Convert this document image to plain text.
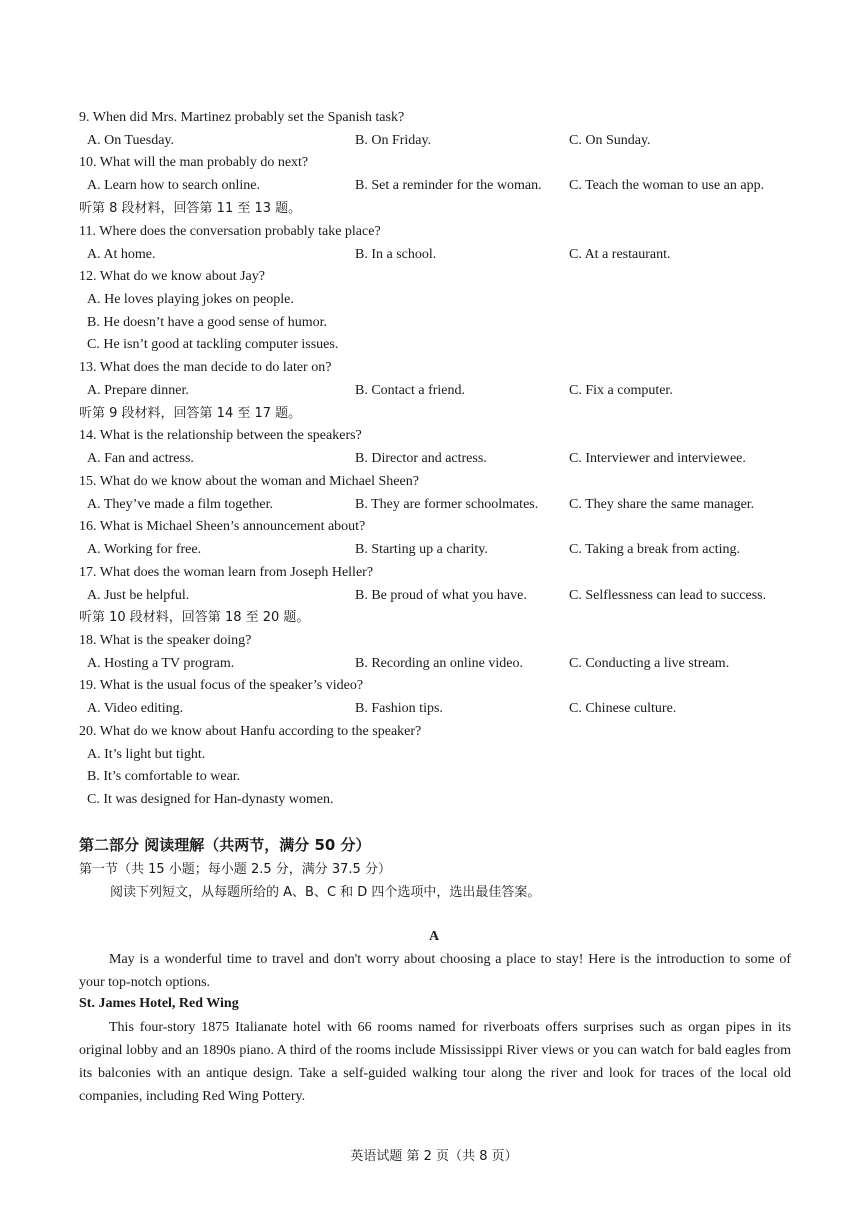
9. When did Mrs. Martinez probably set the Spanish task?
A. On Tuesday.	B. On Friday.	C. On Sunday.
10. What will the man probably do next?
A. Learn how to search online.	B. Set a reminder for the woman. C. Teach the woman to use an app.
听第 8 段材料，回答第 11 至 13 题。
11. Where does the conversation probably take place?
A. At home.	B. In a school.	C. At a restaurant.
12. What do we know about Jay?
A. He loves playing jokes on people.
B. He doesn’t have a good sense of humor.
C. He isn’t good at tackling computer issues.
13. What does the man decide to do later on?
A. Prepare dinner.	B. Contact a friend.	C. Fix a computer.
听第 9 段材料，回答第 14 至 17 题。
14. What is the relationship between the speakers?
A. Fan and actress.	B. Director and actress.	C. Interviewer and interviewee.
15. What do we know about the woman and Michael Sheen?
A. They’ve made a film together.	B. They are former schoolmates. C. They share the same manager.
16. What is Michael Sheen’s announcement about?
A. Working for free.	B. Starting up a charity.	C. Taking a break from acting.
17. What does the woman learn from Joseph Heller?
A. Just be helpful.	B. Be proud of what you have.	C. Selflessness can lead to success.
听第 10 段材料，回答第 18 至 20 题。
18. What is the speaker doing?
A. Hosting a TV program.	B. Recording an online video.	C. Conducting a live stream.
19. What is the usual focus of the speaker’s video?
A. Video editing.	B. Fashion tips.	C. Chinese culture.
20. What do we know about Hanfu according to the speaker?
A. It’s light but tight.
B. It’s comfortable to wear.
C. It was designed for Han-dynasty women.
第二部分 阅读理解（共两节，满分 50 分）
第一节（共 15 小题；每小题 2.5 分，满分 37.5 分）
阅读下列短文，从每题所给的 A、B、C 和 D 四个选项中，选出最佳答案。
A

May is a wonderful time to travel and don't worry about choosing a place to stay! Here is the introduction to some of your top-notch options.

St. James Hotel, Red Wing

This four-story 1875 Italianate hotel with 66 rooms named for riverboats offers surprises such as organ pipes in its original lobby and an 1890s piano. A third of the rooms include Mississippi River views or you can watch for bald eagles from its balconies with an antique design. Take a self-guided walking tour along the river and look for traces of the local old companies, including Red Wing Pottery.

英语试题 第 2 页（共 8 页）
